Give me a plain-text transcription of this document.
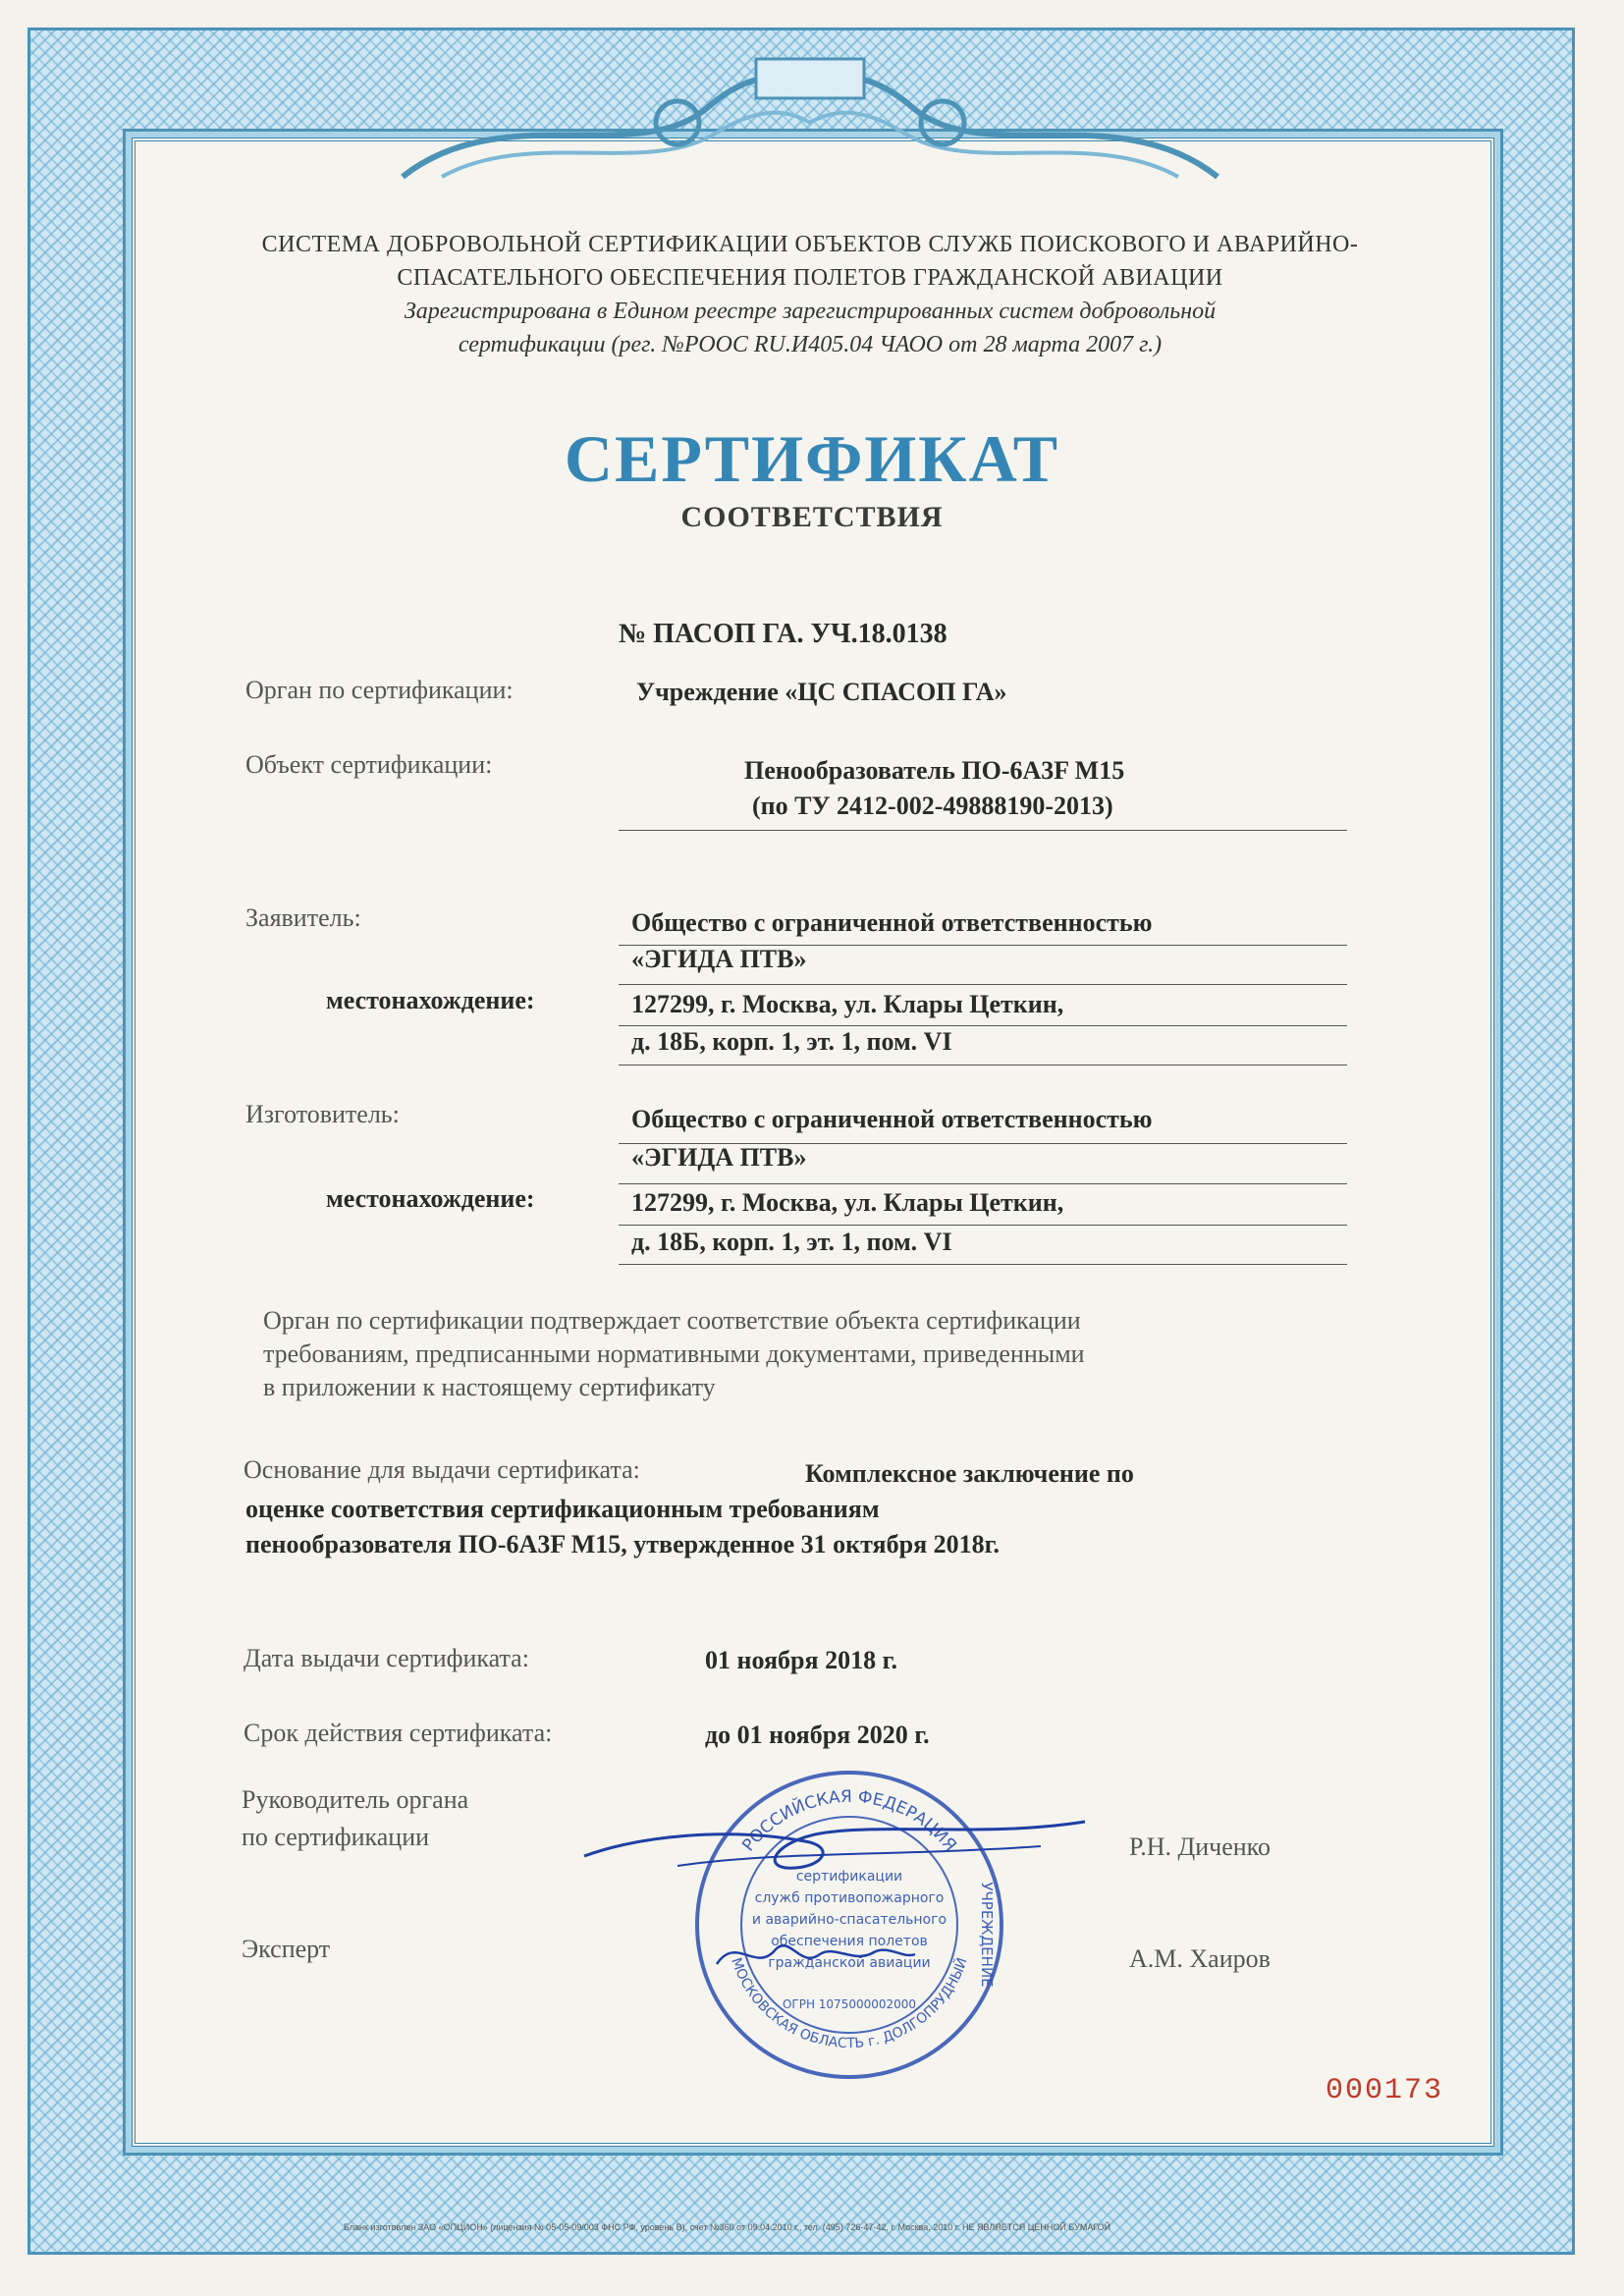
СИСТЕМА ДОБРОВОЛЬНОЙ СЕРТИФИКАЦИИ ОБЪЕКТОВ СЛУЖБ ПОИСКОВОГО И АВАРИЙНО-
СПАСАТЕЛЬНОГО ОБЕСПЕЧЕНИЯ ПОЛЕТОВ ГРАЖДАНСКОЙ АВИАЦИИ
Зарегистрирована в Едином реестре зарегистрированных систем добровольной
сертификации (рег. №РООС RU.И405.04 ЧАОО от 28 марта 2007 г.)
СЕРТИФИКАТ
СООТВЕТСТВИЯ
№ ПАСОП ГА. УЧ.18.0138
Орган по сертификации:	Учреждение «ЦС СПАСОП ГА»
Объект сертификации:	Пенообразователь ПО-6А3F М15
(по ТУ 2412-002-49888190-2013)
Заявитель:	Общество с ограниченной ответственностью
«ЭГИДА ПТВ»
местонахождение:	127299, г. Москва, ул. Клары Цеткин,
д. 18Б, корп. 1, эт. 1, пом. VI
Изготовитель:	Общество с ограниченной ответственностью
«ЭГИДА ПТВ»
местонахождение:	127299, г. Москва, ул. Клары Цеткин,
д. 18Б, корп. 1, эт. 1, пом. VI
Орган по сертификации подтверждает соответствие объекта сертификации
требованиям, предписанными нормативными документами, приведенными
в приложении к настоящему сертификату
Основание для выдачи сертификата:	Комплексное заключение по
оценке соответствия сертификационным требованиям
пенообразователя ПО-6А3F М15, утвержденное 31 октября 2018г.
Дата выдачи сертификата:	01 ноября 2018 г.
Срок действия сертификата:	до 01 ноября 2020 г.
Руководитель органа
по сертификации	Р.Н. Диченко
Эксперт	А.М. Хаиров
РОССИЙСКАЯ ФЕДЕРАЦИЯ
МОСКОВСКАЯ ОБЛАСТЬ г. ДОЛГОПРУДНЫЙ УЧРЕЖДЕНИЕ
сертификации
служб противопожарного
и аварийно-спасательного
обеспечения полетов
гражданской авиации
ОГРН 1075000002000
000173
Бланк изготовлен ЗАО «ОПЦИОН» (лицензия № 05-05-09/003 ФНС РФ, уровень В), счет №360 от 09.04.2010 г., тел. (495) 726-47-42, г. Москва, 2010 г. НЕ ЯВЛЯЕТСЯ ЦЕННОЙ БУМАГОЙ
